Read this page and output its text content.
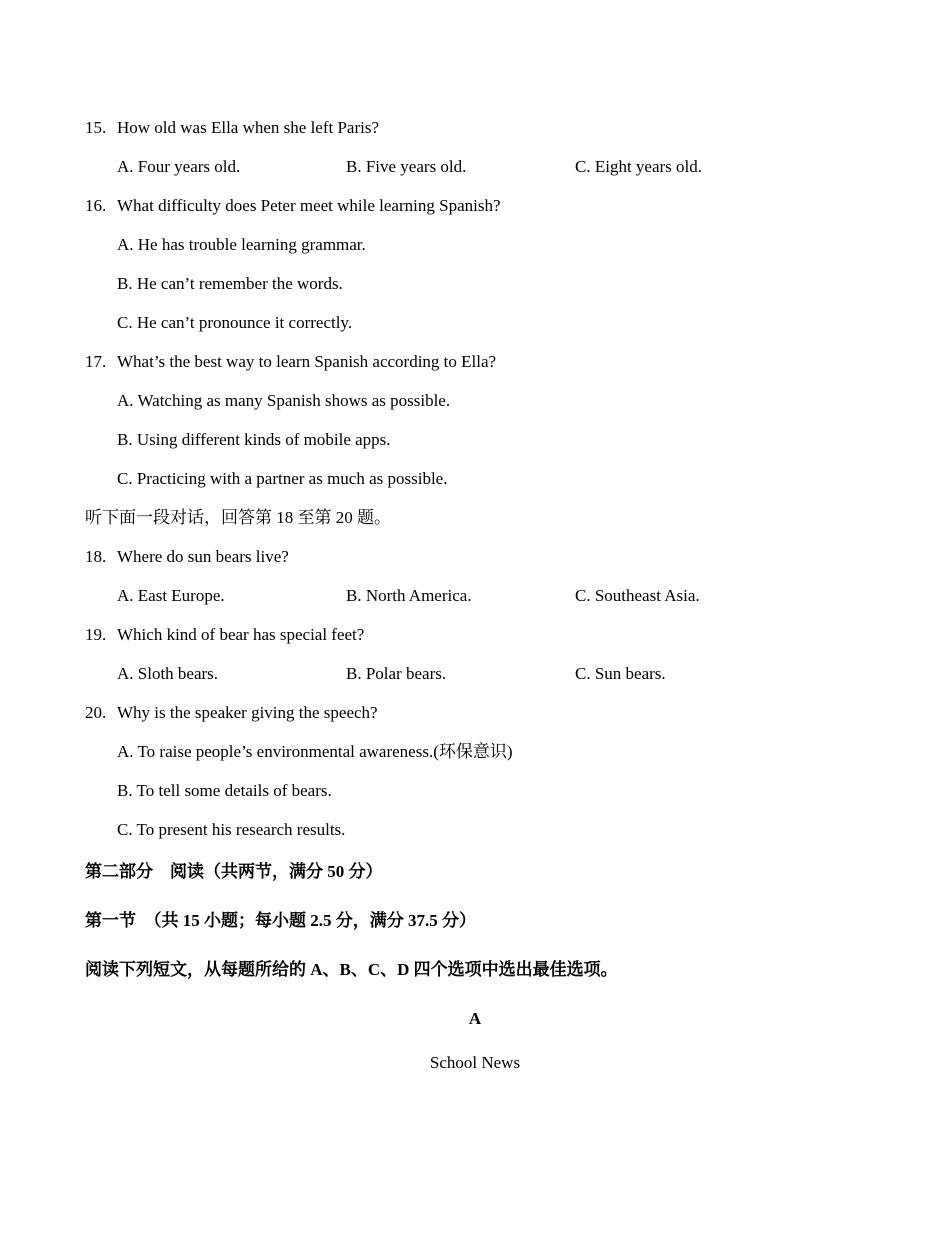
15. How old was Ella when she left Paris?
A. Four years old.	B. Five years old.	C. Eight years old.
16. What difficulty does Peter meet while learning Spanish?
A. He has trouble learning grammar.
B. He can’t remember the words.
C. He can’t pronounce it correctly.
17. What’s the best way to learn Spanish according to Ella?
A. Watching as many Spanish shows as possible.
B. Using different kinds of mobile apps.
C. Practicing with a partner as much as possible.
听下面一段对话，回答第 18 至第 20 题。
18. Where do sun bears live?
A. East Europe.	B. North America.	C. Southeast Asia.
19. Which kind of bear has special feet?
A. Sloth bears.	B. Polar bears.	C. Sun bears.
20. Why is the speaker giving the speech?
A. To raise people’s environmental awareness.(环保意识)
B. To tell some details of bears.
C. To present his research results.
第二部分　阅读（共两节，满分 50 分）
第一节　（共 15 小题；每小题 2.5 分，满分 37.5 分）
阅读下列短文，从每题所给的 A、B、C、D 四个选项中选出最佳选项。
A
School News
